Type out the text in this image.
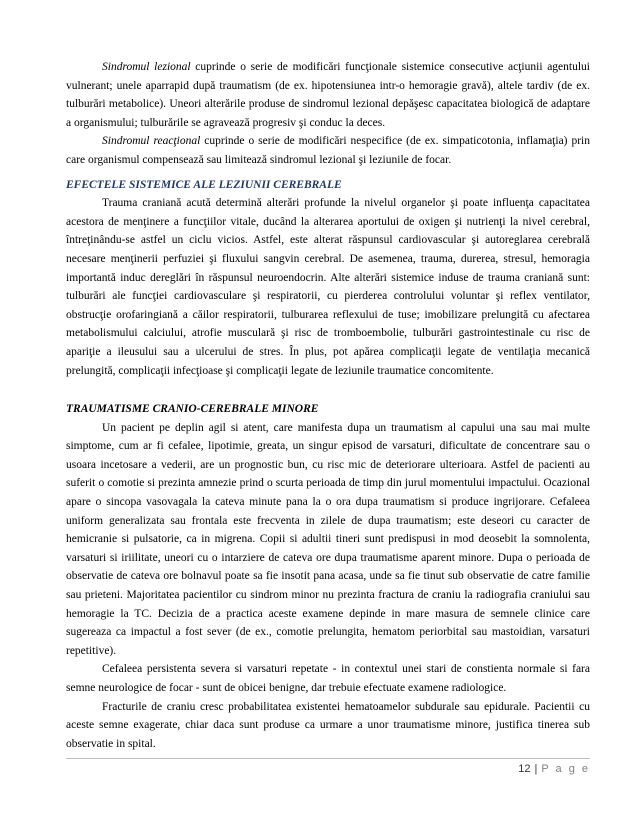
Sindromul lezional cuprinde o serie de modificări funcţionale sistemice consecutive acţiunii agentului vulnerant; unele aparrapid după traumatism (de ex. hipotensiunea intr-o hemoragie gravă), altele tardiv (de ex. tulburări metabolice). Uneori alterările produse de sindromul lezional depăşesc capacitatea biologică de adaptare a organismului; tulburările se agravează progresiv şi conduc la deces.

Sindromul reacţional cuprinde o serie de modificări nespecifice (de ex. simpaticotonia, inflamaţia) prin care organismul compensează sau limitează sindromul lezional şi leziunile de focar.

EFECTELE SISTEMICE ALE LEZIUNII CEREBRALE

Trauma craniană acută determină alterări profunde la nivelul organelor şi poate influenţa capacitatea acestora de menţinere a funcţiilor vitale, ducând la alterarea aportului de oxigen şi nutrienţi la nivel cerebral, întreţinându-se astfel un ciclu vicios. Astfel, este alterat răspunsul cardiovascular şi autoreglarea cerebrală necesare menţinerii perfuziei şi fluxului sangvin cerebral. De asemenea, trauma, durerea, stresul, hemoragia importantă induc dereglări în răspunsul neuroendocrin. Alte alterări sistemice induse de trauma craniană sunt: tulburări ale funcţiei cardiovasculare şi respiratorii, cu pierderea controlului voluntar şi reflex ventilator, obstrucţie orofaringiană a căilor respiratorii, tulburarea reflexului de tuse; imobilizare prelungită cu afectarea metabolismului calciului, atrofie musculară şi risc de tromboembolie, tulburări gastrointestinale cu risc de apariţie a ileusului sau a ulcerului de stres. În plus, pot apărea complicaţii legate de ventilaţia mecanică prelungită, complicaţii infecţioase şi complicaţii legate de leziunile traumatice concomitente.

TRAUMATISME CRANIO-CEREBRALE MINORE

Un pacient pe deplin agil si atent, care manifesta dupa un traumatism al capului una sau mai multe simptome, cum ar fi cefalee, lipotimie, greata, un singur episod de varsaturi, dificultate de concentrare sau o usoara incetosare a vederii, are un prognostic bun, cu risc mic de deteriorare ulterioara. Astfel de pacienti au suferit o comotie si prezinta amnezie prind o scurta perioada de timp din jurul momentului impactului. Ocazional apare o sincopa vasovagala la cateva minute pana la o ora dupa traumatism si produce ingrijorare. Cefaleea uniform generalizata sau frontala este frecventa in zilele de dupa traumatism; este deseori cu caracter de hemicranie si pulsatorie, ca in migrena. Copii si adultii tineri sunt predispusi in mod deosebit la somnolenta, varsaturi si iriilitate, uneori cu o intarziere de cateva ore dupa traumatisme aparent minore. Dupa o perioada de observatie de cateva ore bolnavul poate sa fie insotit pana acasa, unde sa fie tinut sub observatie de catre familie sau prieteni. Majoritatea pacientilor cu sindrom minor nu prezinta fractura de craniu la radiografia craniului sau hemoragie la TC. Decizia de a practica aceste examene depinde in mare masura de semnele clinice care sugereaza ca impactul a fost sever (de ex., comotie prelungita, hematom periorbital sau mastoidian, varsaturi repetitive).

Cefaleea persistenta severa si varsaturi repetate - in contextul unei stari de constienta normale si fara semne neurologice de focar - sunt de obicei benigne, dar trebuie efectuate examene radiologice.

Fracturile de craniu cresc probabilitatea existentei hematoamelor subdurale sau epidurale. Pacientii cu aceste semne exagerate, chiar daca sunt produse ca urmare a unor traumatisme minore, justifica tinerea sub observatie in spital.

12 | P a g e
